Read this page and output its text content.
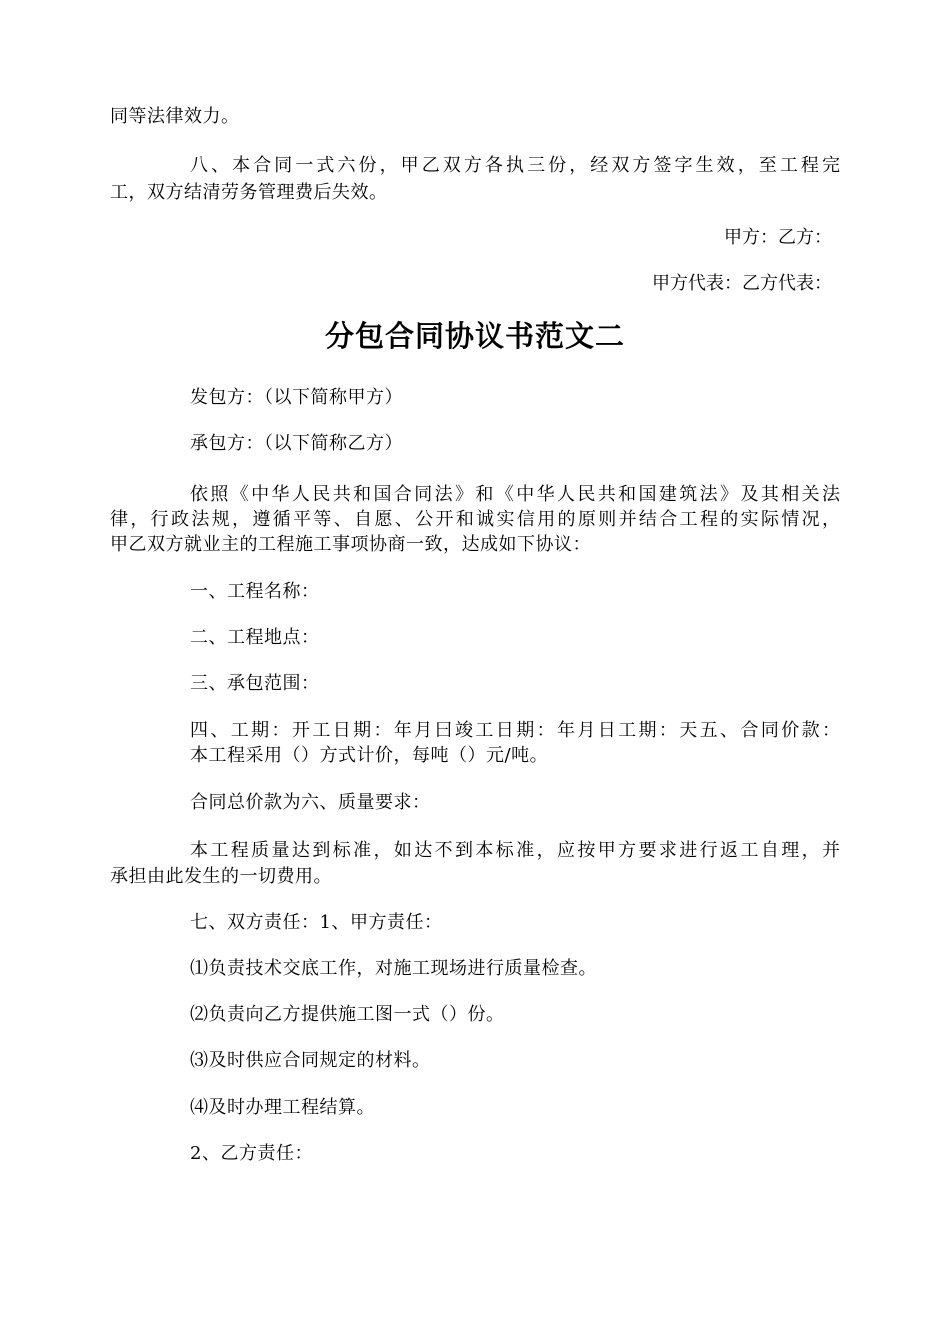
同等法律效力。
八、本合同一式六份，甲乙双方各执三份，经双方签字生效，至工程完
工，双方结清劳务管理费后失效。
甲方：乙方：
甲方代表：乙方代表：
分包合同协议书范文二
发包方：（以下简称甲方）
承包方：（以下简称乙方）
依照《中华人民共和国合同法》和《中华人民共和国建筑法》及其相关法
律，行政法规，遵循平等、自愿、公开和诚实信用的原则并结合工程的实际情况，
甲乙双方就业主的工程施工事项协商一致，达成如下协议：
一、工程名称：
二、工程地点：
三、承包范围：
四、工期：开工日期：年月曰竣工日期：年月日工期：天五、合同价款：
本工程采用（）方式计价，每吨（）元/吨。
合同总价款为六、质量要求：
本工程质量达到标准，如达不到本标准，应按甲方要求进行返工自理，并
承担由此发生的一切费用。
七、双方责任：1、甲方责任：
⑴负责技术交底工作，对施工现场进行质量检查。
⑵负责向乙方提供施工图一式（）份。
⑶及时供应合同规定的材料。
⑷及时办理工程结算。
2、乙方责任：
